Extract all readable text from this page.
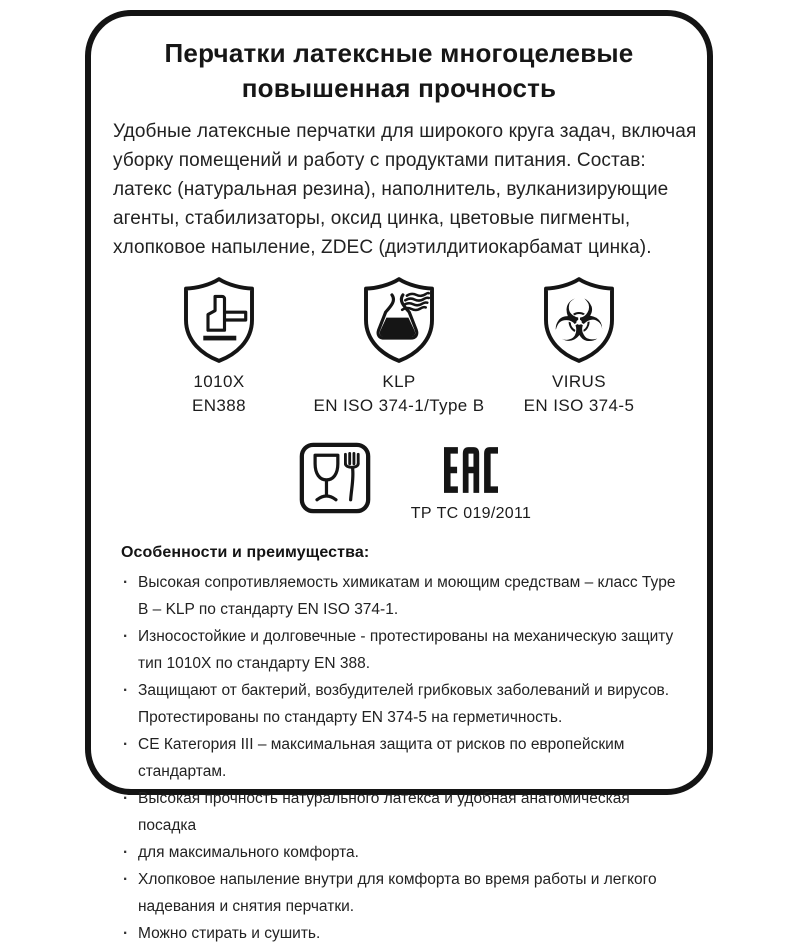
Перчатки латексные многоцелевые
повышенная прочность
Удобные латексные перчатки для широкого круга задач, включая уборку помещений и работу с продуктами питания. Состав: латекс (натуральная резина), наполнитель, вулканизирующие агенты, стабилизаторы, оксид цинка, цветовые пигменты, хлопковое напыление, ZDEC (диэтилдитиокарбамат цинка).
1010X
EN388
KLP
EN ISO 374-1/Type B
☣
VIRUS
EN ISO 374-5
ТР ТС 019/2011
Особенности и преимущества:
· Высокая сопротивляемость химикатам и моющим средствам – класс Type B – KLP по стандарту EN ISO 374-1.
· Износостойкие и долговечные - протестированы на механическую защиту тип 1010X по стандарту EN 388.
· Защищают от бактерий, возбудителей грибковых заболеваний и вирусов. Протестированы по стандарту EN 374-5 на герметичность.
· CE Категория III – максимальная защита от рисков по европейским стандартам.
· Высокая прочность натурального латекса и удобная анатомическая посадка
· для максимального комфорта.
· Хлопковое напыление внутри для комфорта во время работы и легкого надевания и снятия перчатки.
· Можно стирать и сушить.
